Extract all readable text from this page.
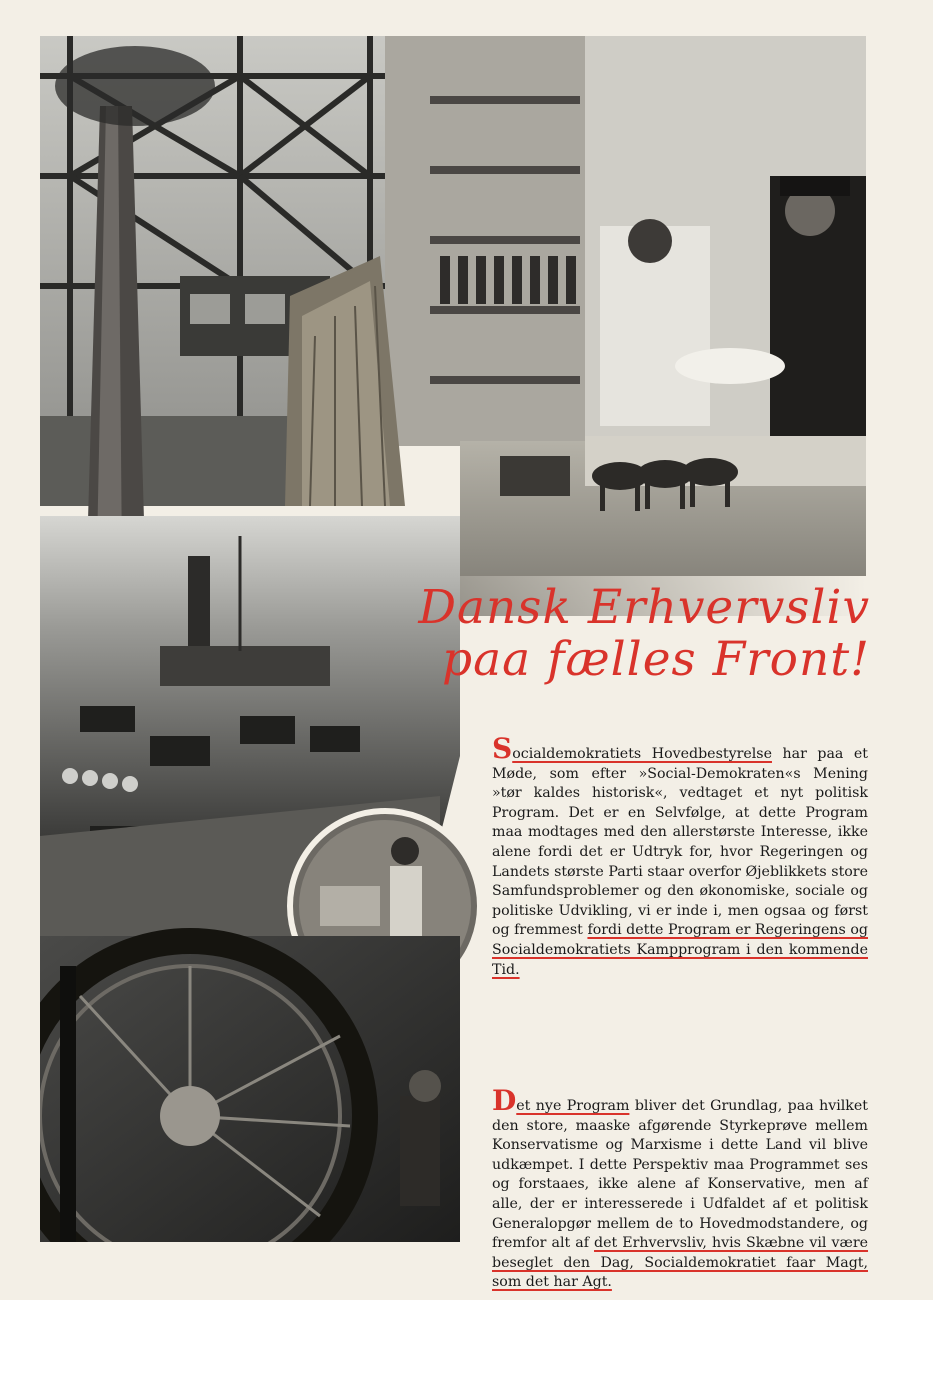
Dansk Erhvervsliv
paa fælles Front!
Socialdemokratiets Hovedbestyrelse har paa et Møde, som efter »Social-Demokraten«s Mening »tør kaldes historisk«, vedtaget et nyt politisk Program. Det er en Selvfølge, at dette Program maa modtages med den allerstørste Interesse, ikke alene fordi det er Udtryk for, hvor Regeringen og Landets største Parti staar overfor Øjeblikkets store Samfundsproblemer og den økonomiske, sociale og politiske Udvikling, vi er inde i, men ogsaa og først og fremmest fordi dette Program er Regeringens og Socialdemokratiets Kampprogram i den kommende Tid.
Det nye Program bliver det Grundlag, paa hvilket den store, maaske afgørende Styrkeprøve mellem Konservatisme og Marxisme i dette Land vil blive udkæmpet. I dette Perspektiv maa Programmet ses og forstaaes, ikke alene af Konservative, men af alle, der er interesserede i Udfaldet af et politisk Generalopgør mellem de to Hovedmodstandere, og fremfor alt af det Erhvervsliv, hvis Skæbne vil være beseglet den Dag, Socialdemokratiet faar Magt, som det har Agt.
